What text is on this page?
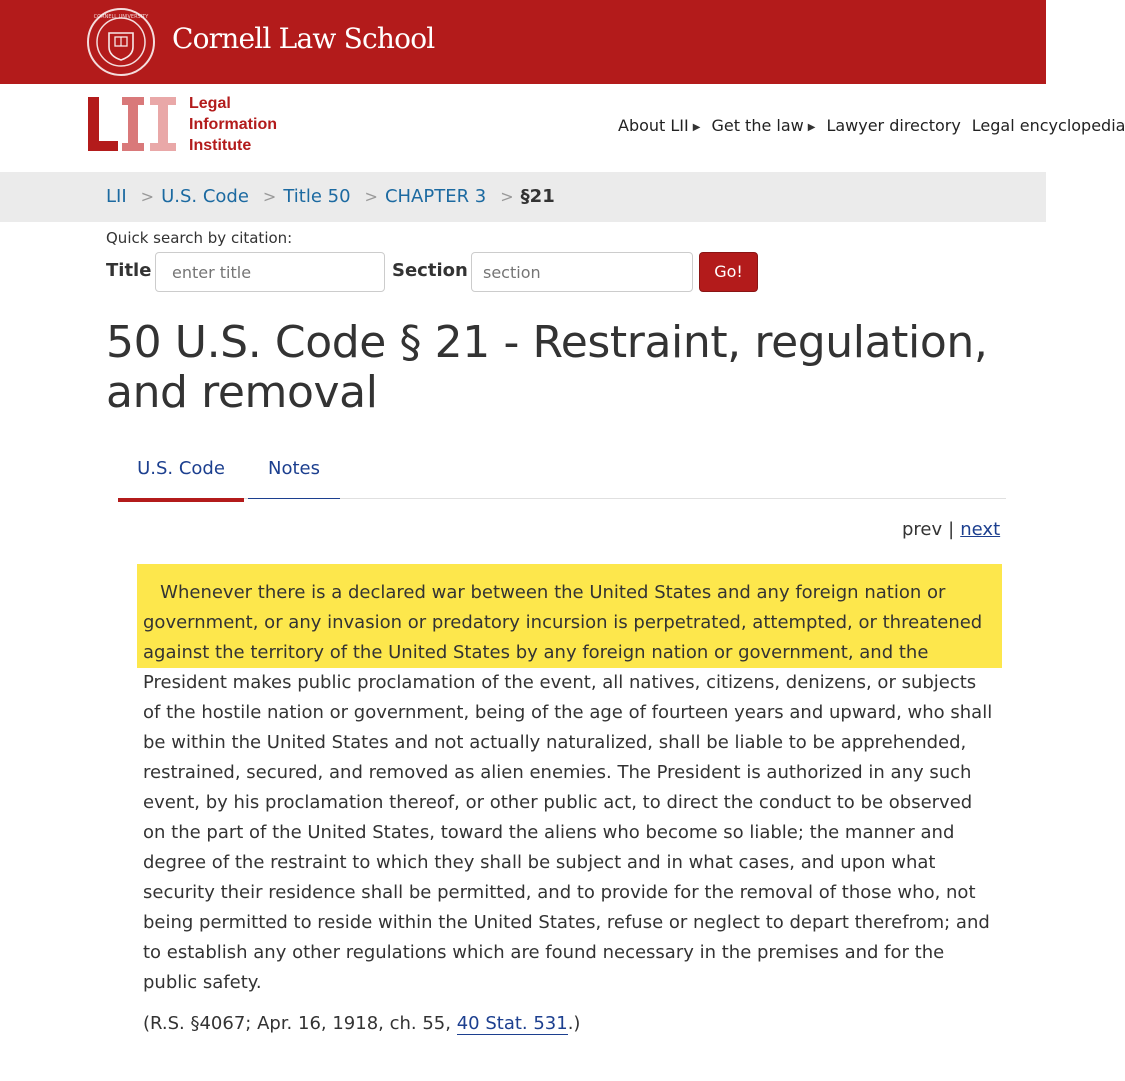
CORNELL UNIVERSITY
Cornell Law School
Legal
Information
Institute
About LII ▶ Get the law ▶ Lawyer directory Legal encyclopedia
LII > U.S. Code > Title 50 > CHAPTER 3 > §21
Quick search by citation:
Title
enter title	Section
section	Go!
50 U.S. Code § 21 - Restraint, regulation, and removal
U.S. Code	Notes
prev | next

Whenever there is a declared war between the United States and any foreign nation or government, or any invasion or predatory incursion is perpetrated, attempted, or threatened against the territory of the United States by any foreign nation or government, and the President makes public proclamation of the event, all natives, citizens, denizens, or subjects of the hostile nation or government, being of the age of fourteen years and upward, who shall be within the United States and not actually naturalized, shall be liable to be apprehended, restrained, secured, and removed as alien enemies. The President is authorized in any such event, by his proclamation thereof, or other public act, to direct the conduct to be observed on the part of the United States, toward the aliens who become so liable; the manner and degree of the restraint to which they shall be subject and in what cases, and upon what security their residence shall be permitted, and to provide for the removal of those who, not being permitted to reside within the United States, refuse or neglect to depart therefrom; and to establish any other regulations which are found necessary in the premises and for the public safety.

(R.S. §4067; Apr. 16, 1918, ch. 55, 40 Stat. 531.)
